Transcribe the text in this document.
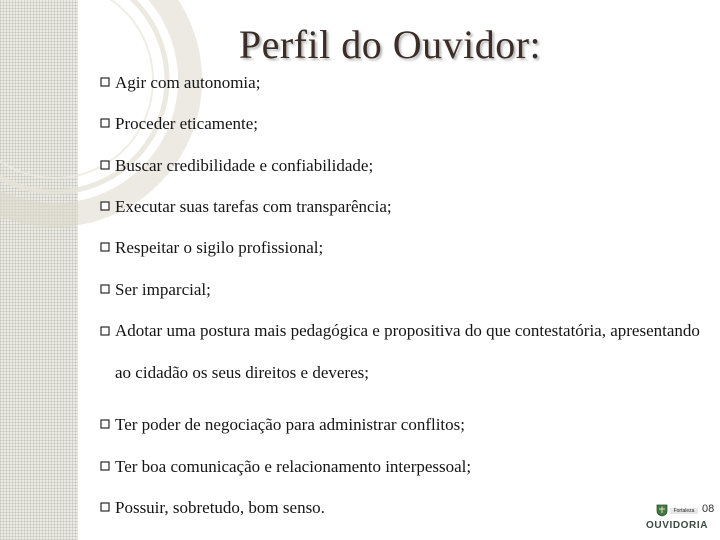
Perfil do Ouvidor:
Agir com autonomia;
Proceder eticamente;
Buscar credibilidade e confiabilidade;
Executar suas tarefas com transparência;
Respeitar o sigilo profissional;
Ser imparcial;
Adotar uma postura mais pedagógica e propositiva do que contestatória, apresentando ao cidadão os seus direitos e deveres;
Ter poder de negociação para administrar conflitos;
Ter boa comunicação e relacionamento interpessoal;
Possuir, sobretudo, bom senso.	Fortaleza
OUVIDORIA
08
